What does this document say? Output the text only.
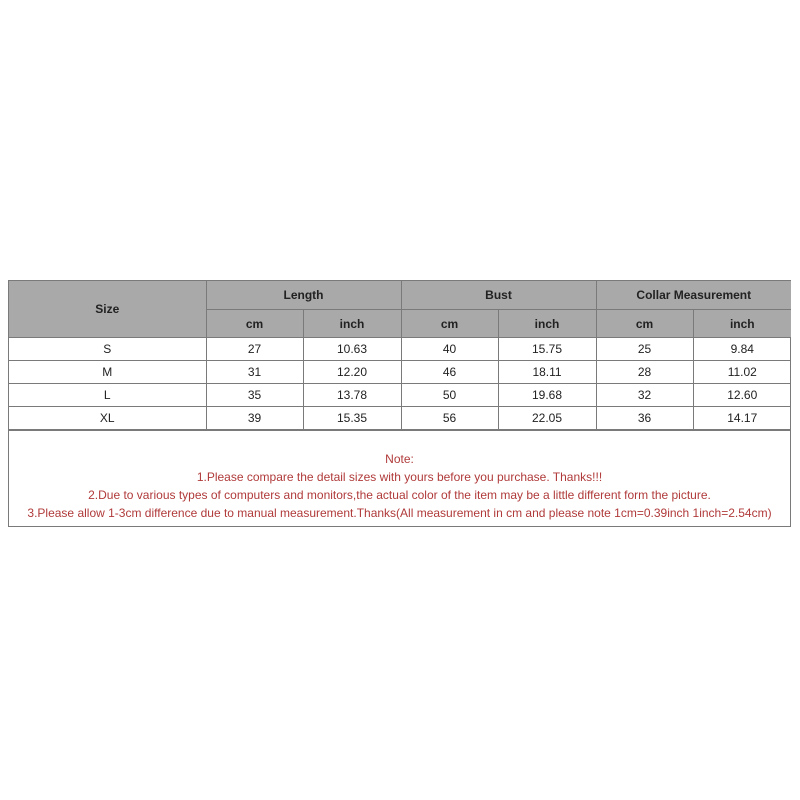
Size	Length		Bust		Collar Measurement	
	cm	inch	cm	inch	cm	inch
S	27	10.63	40	15.75	25	9.84
M	31	12.20	46	18.11	28	11.02
L	35	13.78	50	19.68	32	12.60
XL	39	15.35	56	22.05	36	14.17
Note:
1.Please compare the detail sizes with yours before you purchase. Thanks!!!
2.Due to various types of computers and monitors,the actual color of the item may be a little different form the picture.
3.Please allow 1-3cm difference due to manual measurement.Thanks(All measurement in cm and please note 1cm=0.39inch 1inch=2.54cm)
